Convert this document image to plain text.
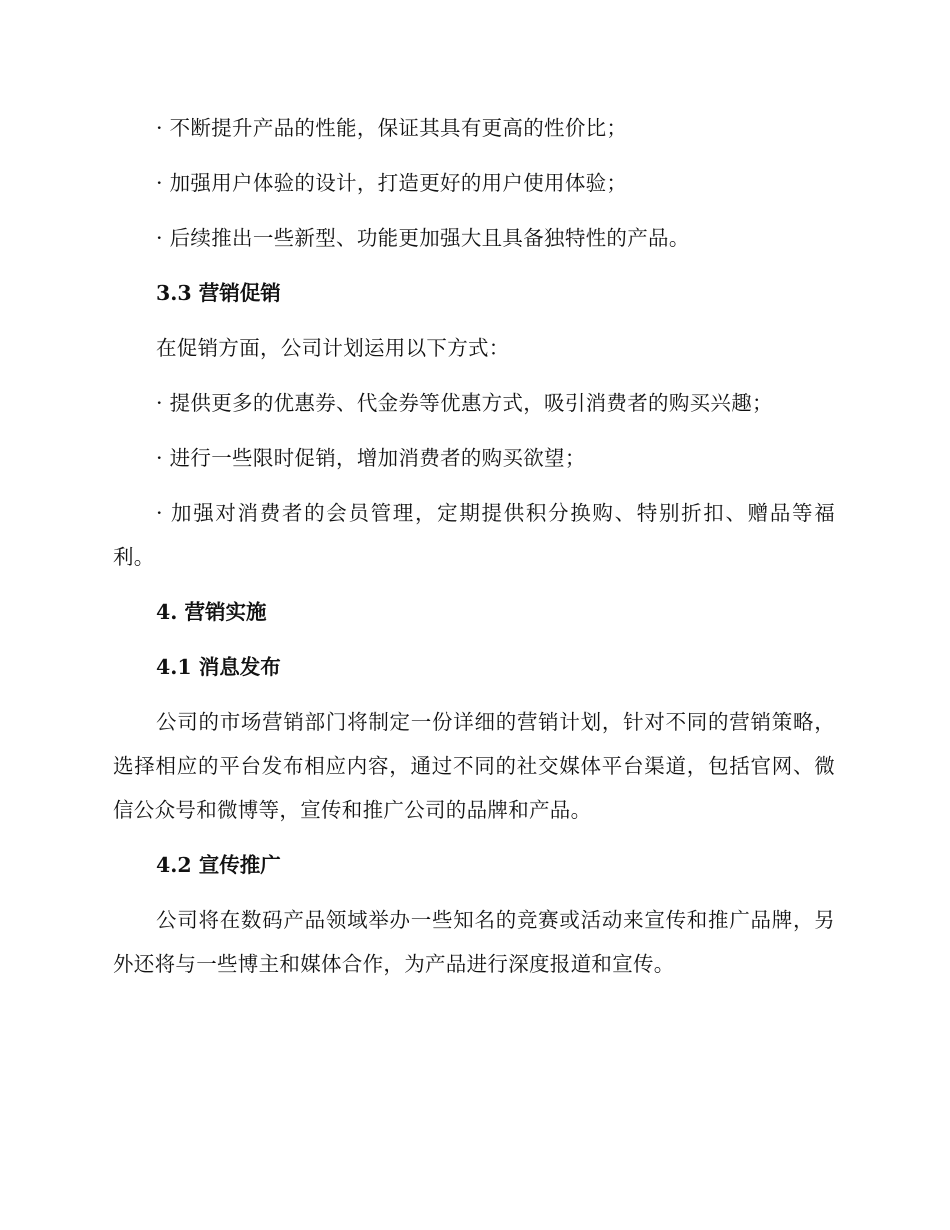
· 不断提升产品的性能，保证其具有更高的性价比；

· 加强用户体验的设计，打造更好的用户使用体验；

· 后续推出一些新型、功能更加强大且具备独特性的产品。

3.3 营销促销

在促销方面，公司计划运用以下方式：

· 提供更多的优惠券、代金券等优惠方式，吸引消费者的购买兴趣；

· 进行一些限时促销，增加消费者的购买欲望；

· 加强对消费者的会员管理，定期提供积分换购、特别折扣、赠品等福利。

4. 营销实施

4.1 消息发布

公司的市场营销部门将制定一份详细的营销计划，针对不同的营销策略，选择相应的平台发布相应内容，通过不同的社交媒体平台渠道，包括官网、微信公众号和微博等，宣传和推广公司的品牌和产品。

4.2 宣传推广

公司将在数码产品领域举办一些知名的竞赛或活动来宣传和推广品牌，另外还将与一些博主和媒体合作，为产品进行深度报道和宣传。
